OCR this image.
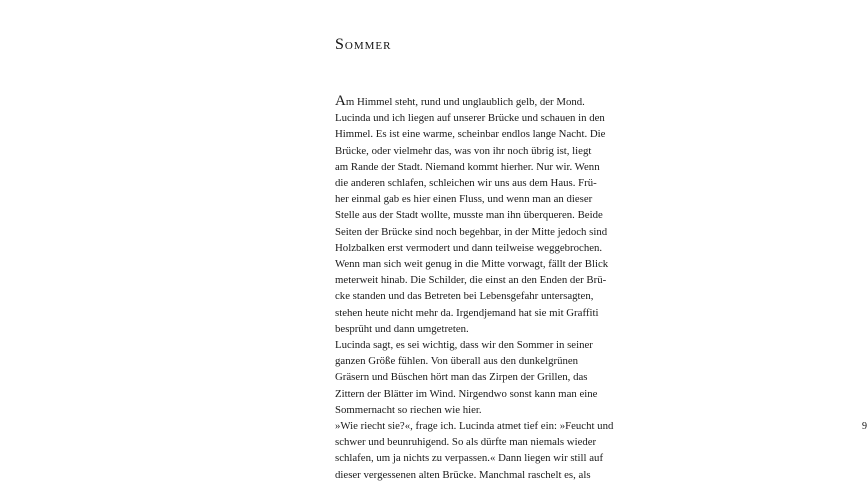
Sommer
Am Himmel steht, rund und unglaublich gelb, der Mond.
Lucinda und ich liegen auf unserer Brücke und schauen in den
Himmel. Es ist eine warme, scheinbar endlos lange Nacht. Die
Brücke, oder vielmehr das, was von ihr noch übrig ist, liegt
am Rande der Stadt. Niemand kommt hierher. Nur wir. Wenn
die anderen schlafen, schleichen wir uns aus dem Haus. Frü-
her einmal gab es hier einen Fluss, und wenn man an dieser
Stelle aus der Stadt wollte, musste man ihn überqueren. Beide
Seiten der Brücke sind noch begehbar, in der Mitte jedoch sind
Holzbalken erst vermodert und dann teilweise weggebrochen.
Wenn man sich weit genug in die Mitte vorwagt, fällt der Blick
meterweit hinab. Die Schilder, die einst an den Enden der Brü-
cke standen und das Betreten bei Lebensgefahr untersagten,
stehen heute nicht mehr da. Irgendjemand hat sie mit Graffiti
besprüht und dann umgetreten.
Lucinda sagt, es sei wichtig, dass wir den Sommer in seiner
ganzen Größe fühlen. Von überall aus den dunkelgrünen
Gräsern und Büschen hört man das Zirpen der Grillen, das
Zittern der Blätter im Wind. Nirgendwo sonst kann man eine
Sommernacht so riechen wie hier.
»Wie riecht sie?«, frage ich. Lucinda atmet tief ein: »Feucht und
schwer und beunruhigend. So als dürfte man niemals wieder
schlafen, um ja nichts zu verpassen.« Dann liegen wir still auf
dieser vergessenen alten Brücke. Manchmal raschelt es, als
9
